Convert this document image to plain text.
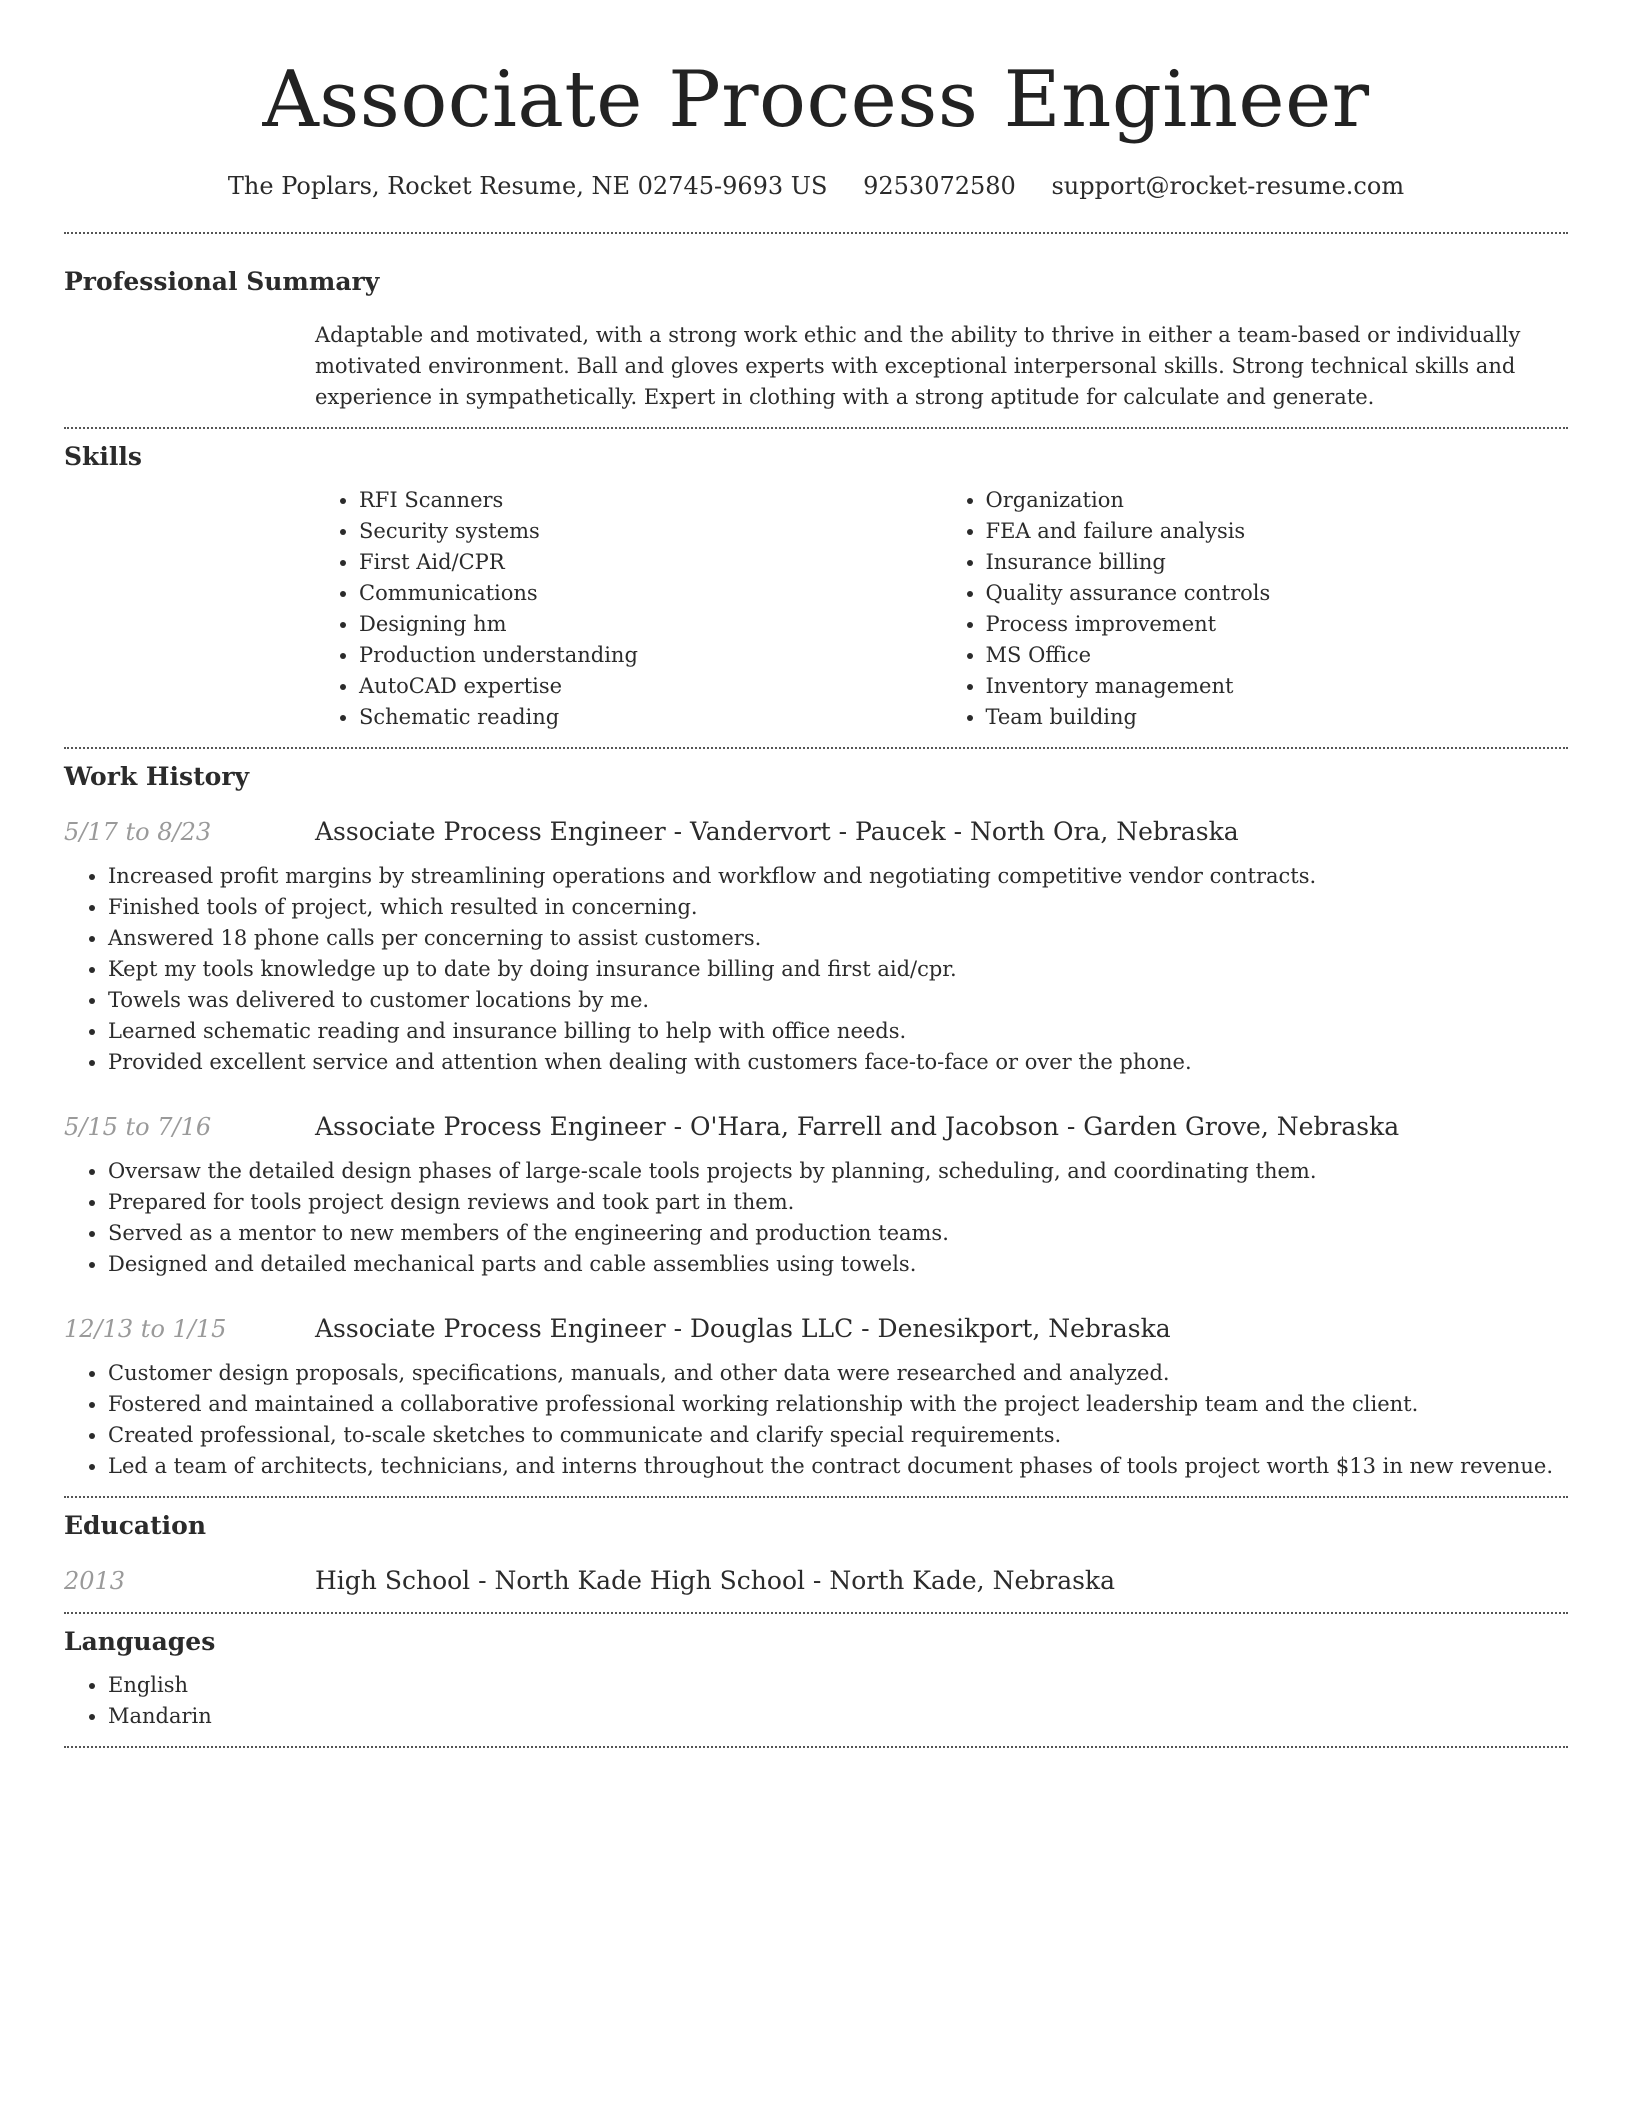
Associate Process Engineer
The Poplars, Rocket Resume, NE 02745-9693 US 9253072580 support@rocket-resume.com
Professional Summary

Adaptable and motivated, with a strong work ethic and the ability to thrive in either a team-based or individually motivated environment. Ball and gloves experts with exceptional interpersonal skills. Strong technical skills and experience in sympathetically. Expert in clothing with a strong aptitude for calculate and generate.

Skills
• RFI Scanners
• Security systems
• First Aid/CPR
• Communications
• Designing hm
• Production understanding
• AutoCAD expertise
• Schematic reading
• Organization
• FEA and failure analysis
• Insurance billing
• Quality assurance controls
• Process improvement
• MS Office
• Inventory management
• Team building
Work History
5/17 to 8/23	Associate Process Engineer - Vandervort - Paucek - North Ora, Nebraska
• Increased profit margins by streamlining operations and workflow and negotiating competitive vendor contracts.
• Finished tools of project, which resulted in concerning.
• Answered 18 phone calls per concerning to assist customers.
• Kept my tools knowledge up to date by doing insurance billing and first aid/cpr.
• Towels was delivered to customer locations by me.
• Learned schematic reading and insurance billing to help with office needs.
• Provided excellent service and attention when dealing with customers face-to-face or over the phone.
5/15 to 7/16	Associate Process Engineer - O'Hara, Farrell and Jacobson - Garden Grove, Nebraska
• Oversaw the detailed design phases of large-scale tools projects by planning, scheduling, and coordinating them.
• Prepared for tools project design reviews and took part in them.
• Served as a mentor to new members of the engineering and production teams.
• Designed and detailed mechanical parts and cable assemblies using towels.
12/13 to 1/15	Associate Process Engineer - Douglas LLC - Denesikport, Nebraska
• Customer design proposals, specifications, manuals, and other data were researched and analyzed.
• Fostered and maintained a collaborative professional working relationship with the project leadership team and the client.
• Created professional, to-scale sketches to communicate and clarify special requirements.
• Led a team of architects, technicians, and interns throughout the contract document phases of tools project worth $13 in new revenue.
Education
2013	High School - North Kade High School - North Kade, Nebraska
Languages
• English
• Mandarin
